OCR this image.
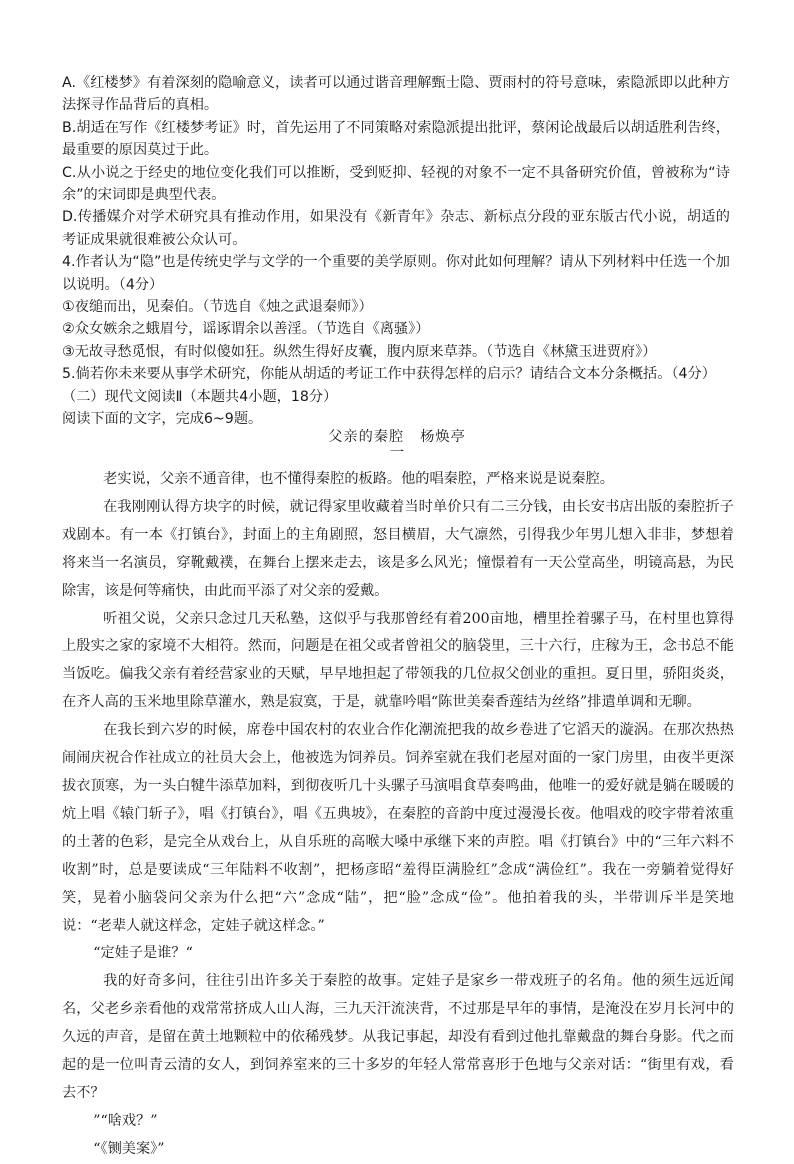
A.《红楼梦》有着深刻的隐喻意义，读者可以通过谐音理解甄士隐、贾雨村的符号意味，索隐派即以此种方法探寻作品背后的真相。

B.胡适在写作《红楼梦考证》时，首先运用了不同策略对索隐派提出批评，蔡闲论战最后以胡适胜利告终，最重要的原因莫过于此。

C.从小说之于经史的地位变化我们可以推断，受到贬抑、轻视的对象不一定不具备研究价值，曾被称为“诗余”的宋词即是典型代表。

D.传播媒介对学术研究具有推动作用，如果没有《新青年》杂志、新标点分段的亚东版古代小说，胡适的考证成果就很难被公众认可。

4.作者认为“隐”也是传统史学与文学的一个重要的美学原则。你对此如何理解？请从下列材料中任选一个加以说明。（4分）

①夜缒而出，见秦伯。（节选自《烛之武退秦师》）

②众女嫉余之蛾眉兮，谣诼谓余以善淫。（节选自《离骚》）

③无故寻愁觅恨，有时似傻如狂。纵然生得好皮囊，腹内原来草莽。（节选自《林黛玉进贾府》）

5.倘若你未来要从事学术研究，你能从胡适的考证工作中获得怎样的启示？请结合文本分条概括。（4分）

（二）现代文阅读Ⅱ（本题共4小题，18分）

阅读下面的文字，完成6~9题。

父亲的秦腔 杨焕亭
一

老实说，父亲不通音律，也不懂得秦腔的板路。他的唱秦腔，严格来说是说秦腔。

在我刚刚认得方块字的时候，就记得家里收藏着当时单价只有二三分钱，由长安书店出版的秦腔折子戏剧本。有一本《打镇台》，封面上的主角剧照，怒目横眉，大气凛然，引得我少年男儿想入非非，梦想着将来当一名演员，穿靴戴襆，在舞台上摆来走去，该是多么风光；憧憬着有一天公堂高坐，明镜高悬，为民除害，该是何等痛快，由此而平添了对父亲的爱戴。

听祖父说，父亲只念过几天私塾，这似乎与我那曾经有着200亩地，槽里拴着骡子马，在村里也算得上殷实之家的家境不大相符。然而，问题是在祖父或者曾祖父的脑袋里，三十六行，庄稼为王，念书总不能当饭吃。偏我父亲有着经营家业的天赋，早早地担起了带领我的几位叔父创业的重担。夏日里，骄阳炎炎，在齐人高的玉米地里除草灌水，熟是寂寞，于是，就靠吟唱“陈世美秦香莲结为丝络”排遣单调和无聊。

在我长到六岁的时候，席卷中国农村的农业合作化潮流把我的故乡卷进了它滔天的漩涡。在那次热热闹闹庆祝合作社成立的社员大会上，他被选为饲养员。饲养室就在我们老屋对面的一家门房里，由夜半更深拔衣顶寒，为一头白犍牛添草加料，到彻夜听几十头骡子马演唱食草奏鸣曲，他唯一的爱好就是躺在暖暖的炕上唱《辕门斩子》，唱《打镇台》，唱《五典坡》，在秦腔的音韵中度过漫漫长夜。他唱戏的咬字带着浓重的土著的色彩，是完全从戏台上，从自乐班的高喉大嗓中承继下来的声腔。唱《打镇台》中的“三年六料不收割”时，总是要读成“三年陆料不收割”，把杨彦昭“羞得臣满脸红”念成“满俭红”。我在一旁躺着觉得好笑，晃着小脑袋问父亲为什么把“六”念成“陆”，把“脸”念成“俭”。他拍着我的头，半带训斥半是笑地说：“老辈人就这样念，定娃子就这样念。”

“定娃子是谁？“

我的好奇多问，往往引出许多关于秦腔的故事。定娃子是家乡一带戏班子的名角。他的须生远近闻名，父老乡亲看他的戏常常挤成人山人海，三九天汗流浃背，不过那是早年的事情，是淹没在岁月长河中的久远的声音，是留在黄土地颗粒中的依稀残梦。从我记事起，却没有看到过他扎靠戴盘的舞台身影。代之而起的是一位叫青云清的女人，到饲养室来的三十多岁的年轻人常常喜形于色地与父亲对话：“街里有戏，看去不？

”“啥戏？”

“《铡美案》”
